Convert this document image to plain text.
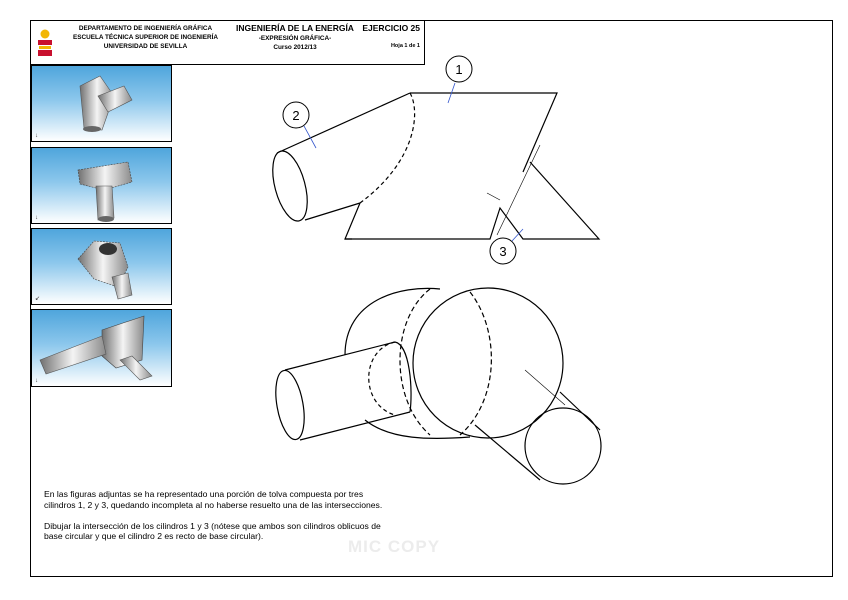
DEPARTAMENTO DE INGENIERÍA GRÁFICA
ESCUELA TÉCNICA SUPERIOR DE INGENIERÍA
UNIVERSIDAD DE SEVILLA
INGENIERÍA DE LA ENERGÍA
-EXPRESIÓN GRÁFICA-
Curso 2012/13
EJERCICIO 25
Hoja 1 de 1
↓
↓
↙
↓
1
2
3

En las figuras adjuntas se ha representado una porción de tolva compuesta por tres cilindros 1, 2 y 3, quedando incompleta al no haberse resuelto una de las intersecciones.

Dibujar la intersección de los cilindros 1 y 3 (nótese que ambos son cilindros oblicuos de base circular y que el cilindro 2 es recto de base circular).

MIC COPY
